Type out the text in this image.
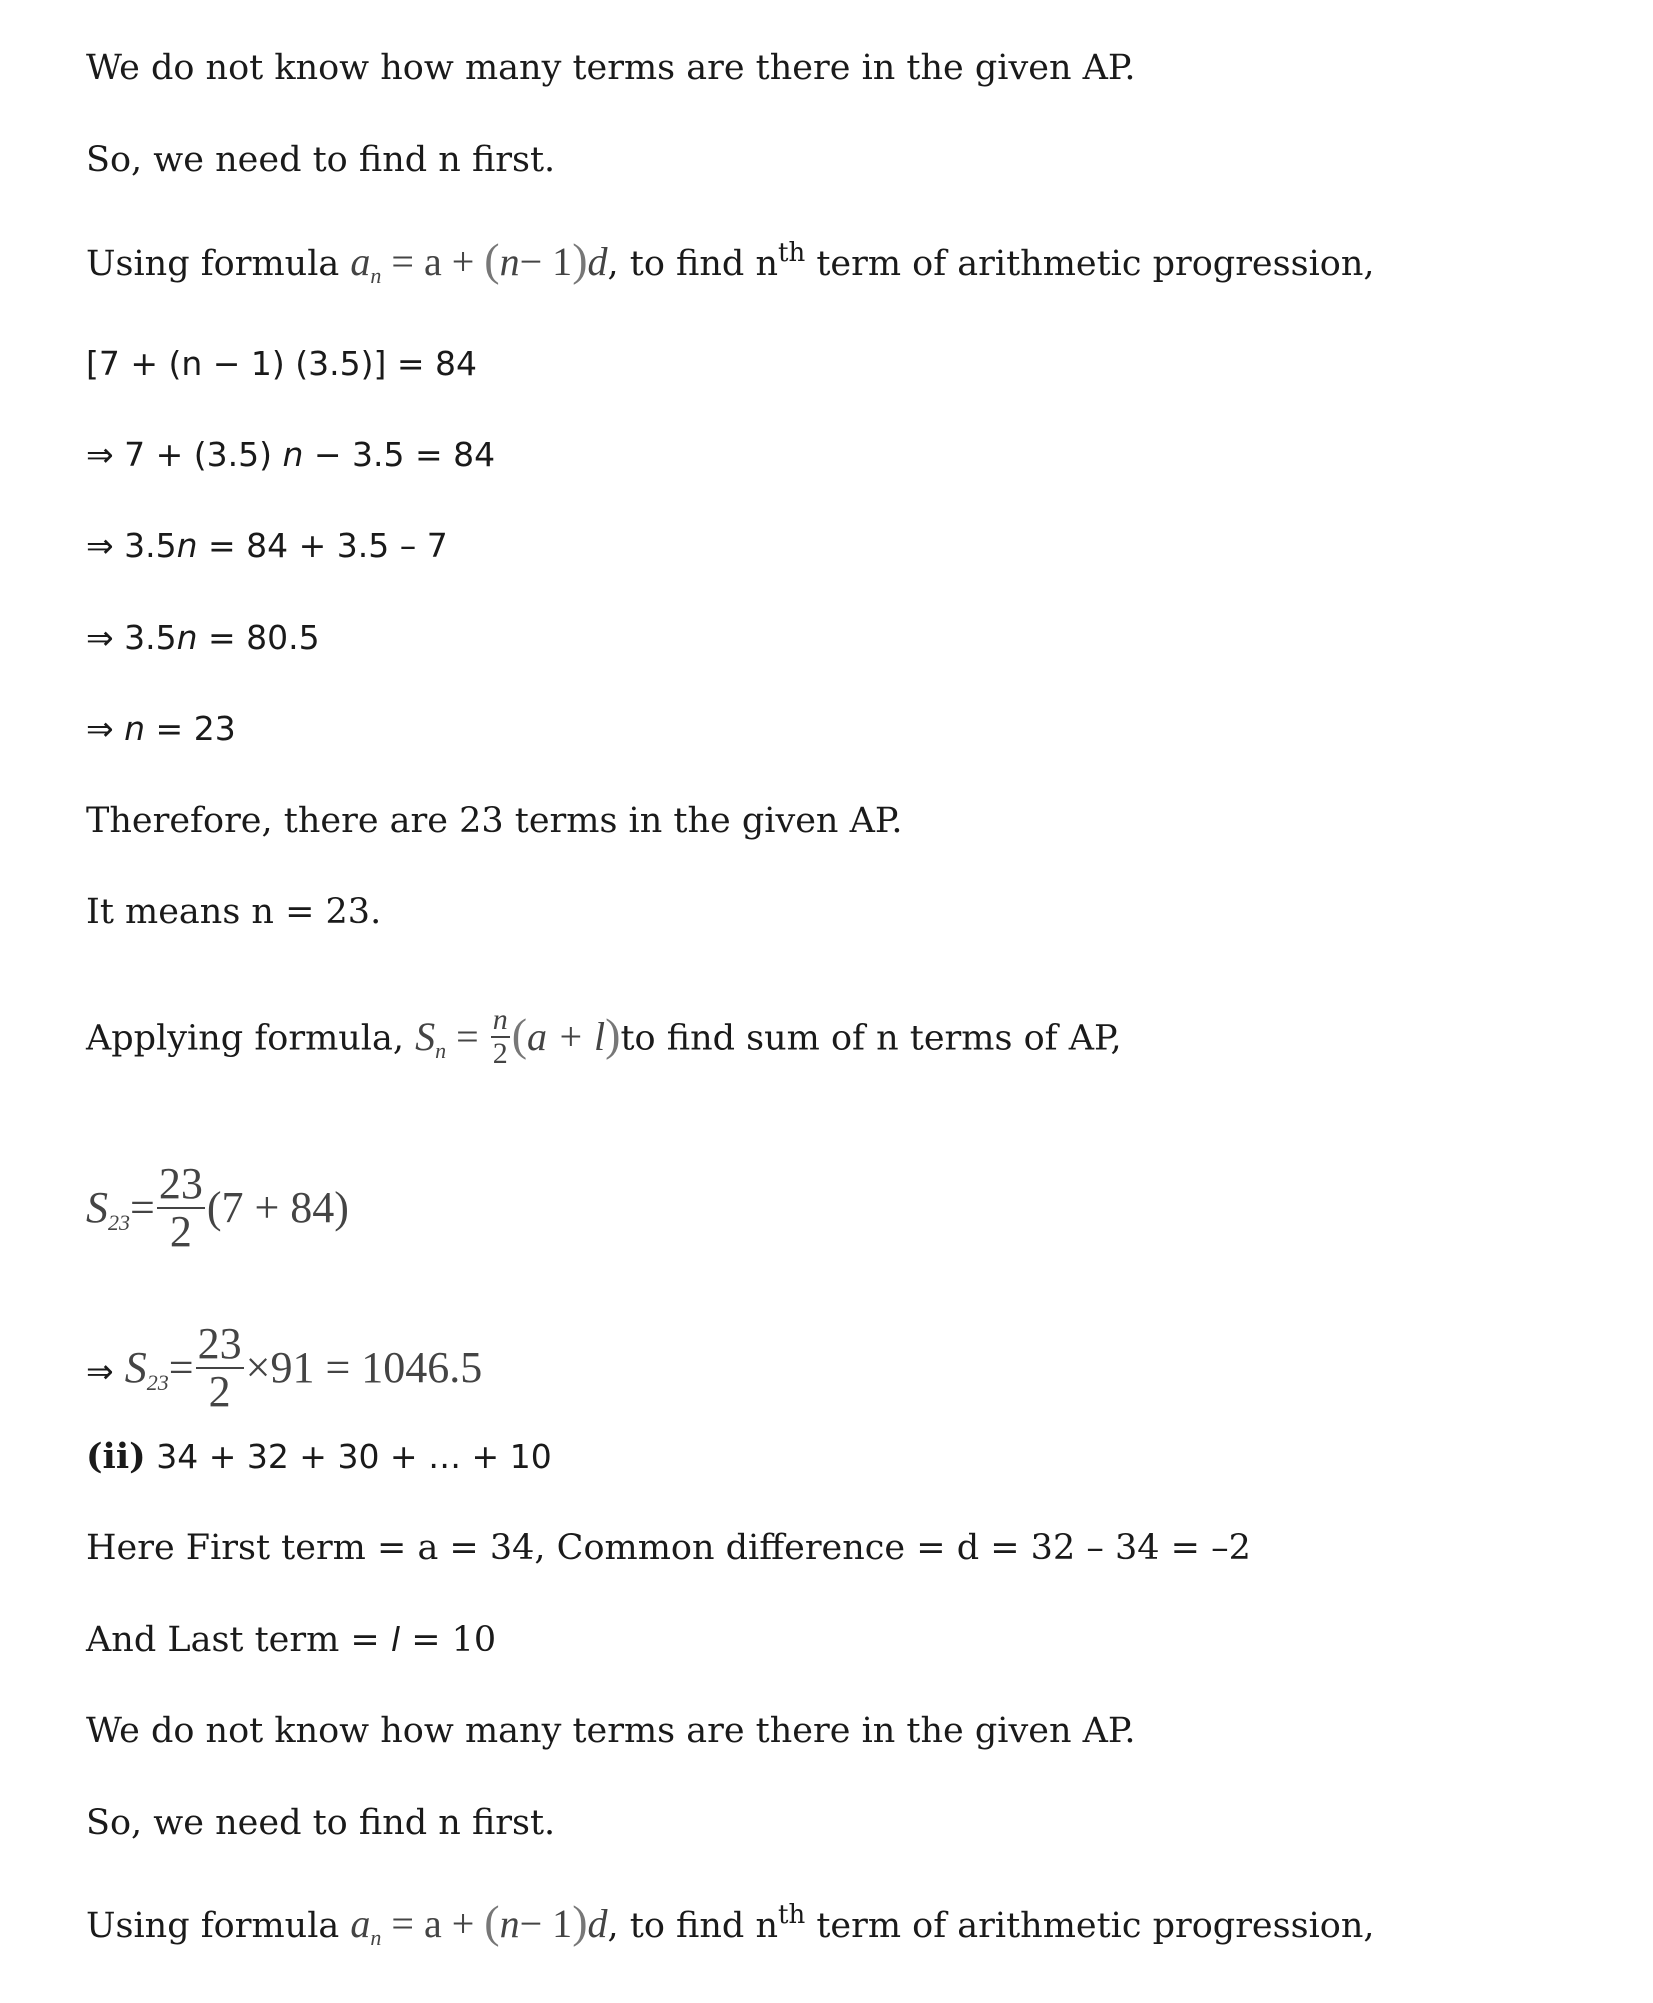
We do not know how many terms are there in the given AP.
So, we need to find n first.
Using formula $a_n = a + (n- 1)d$, to find $n^{th}$ term of arithmetic progression,
[7 + (n − 1) (3.5)] = 84
⇒ 7 + (3.5) n − 3.5 = 84
⇒ 3.5n = 84 + 3.5 – 7
⇒ 3.5n = 80.5
⇒ n = 23
Therefore, there are 23 terms in the given AP.
It means n = 23.
Applying formula, $S_n = \frac{n}{2} (a + l)to$ find sum of n terms of AP,
$S_{23}= \frac{23}{2} (7 + 84)$
⇒ $S_{23}= \frac{23}{2} \times 91 = 1046.5$
(ii) 34 + 32 + 30 + … + 10
Here First term = a = 34, Common difference = d = 32 – 34 = –2
And Last term = l = 10
We do not know how many terms are there in the given AP.
So, we need to find n first.
Using formula $a_n = a + (n- 1)d$, to find $n^{th}$ term of arithmetic progression,
